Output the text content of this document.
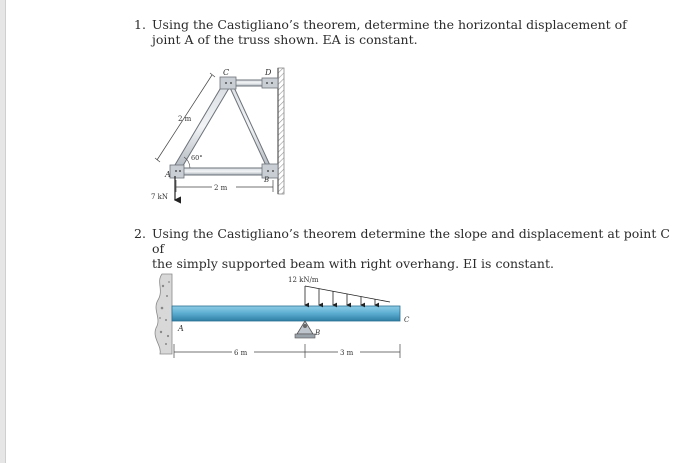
1. Using the Castigliano’s theorem, determine the horizontal displacement of
joint A of the truss shown. EA is constant.
2 m
60°
2 m
C	D
A
B
7 kN
2. Using the Castigliano’s theorem determine the slope and displacement at point C of
the simply supported beam with right overhang. EI is constant.
12 kN/m
A	B
C
6 m	3 m
